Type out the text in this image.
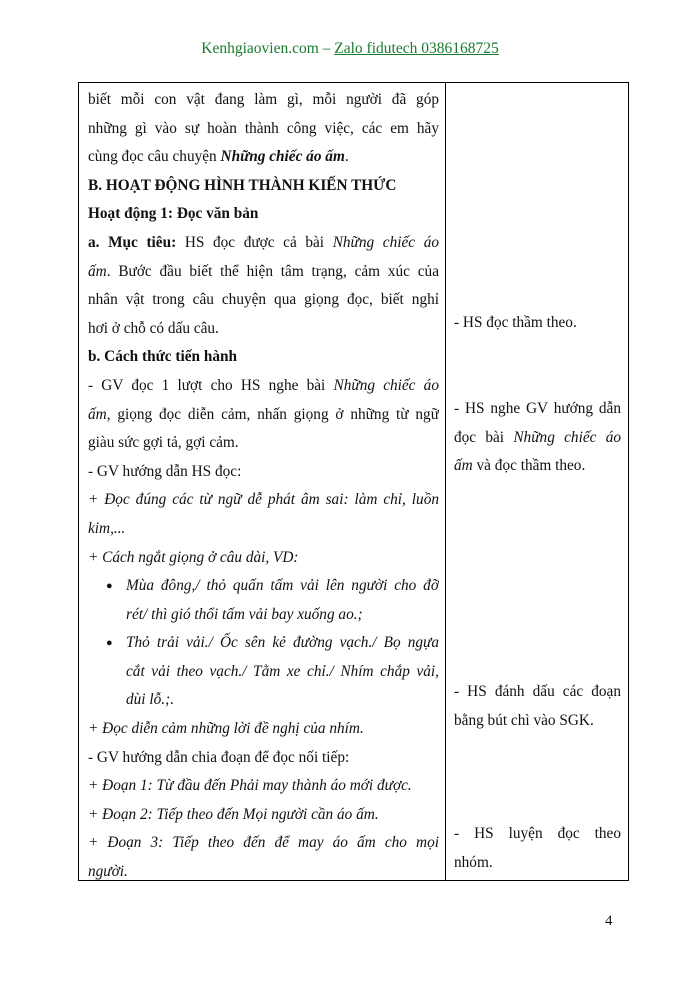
Kenhgiaovien.com – Zalo fidutech 0386168725
biết mỗi con vật đang làm gì, mỗi người đã góp
những gì vào sự hoàn thành công việc, các em hãy
cùng đọc câu chuyện Những chiếc áo ấm.
B. HOẠT ĐỘNG HÌNH THÀNH KIẾN THỨC
Hoạt động 1: Đọc văn bản
a. Mục tiêu: HS đọc được cả bài Những chiếc áo
ấm. Bước đầu biết thể hiện tâm trạng, cảm xúc của
nhân vật trong câu chuyện qua giọng đọc, biết nghỉ
hơi ở chỗ có dấu câu.
b. Cách thức tiến hành
- GV đọc 1 lượt cho HS nghe bài Những chiếc áo
ấm, giọng đọc diễn cảm, nhấn giọng ở những từ ngữ
giàu sức gợi tả, gợi cảm.
- GV hướng dẫn HS đọc:
+ Đọc đúng các từ ngữ dễ phát âm sai: làm chỉ, luồn
kim,...
+ Cách ngắt giọng ở câu dài, VD:
● Mùa đông,/ thỏ quấn tấm vải lên người cho đỡ
rét/ thì gió thổi tấm vải bay xuống ao.;
● Thỏ trải vải./ Ốc sên kẻ đường vạch./ Bọ ngựa
cắt vải theo vạch./ Tằm xe chỉ./ Nhím chắp vải,
dùi lỗ.;.
+ Đọc diễn cảm những lời đề nghị của nhím.
- GV hướng dẫn chia đoạn để đọc nối tiếp:
+ Đoạn 1: Từ đầu đến Phải may thành áo mới được.
+ Đoạn 2: Tiếp theo đến Mọi người cần áo ấm.
+ Đoạn 3: Tiếp theo đến để may áo ấm cho mọi
người.
- HS đọc thầm theo.
- HS nghe GV hướng dẫn
đọc bài Những chiếc áo
ấm và đọc thầm theo.
- HS đánh dấu các đoạn
bằng bút chì vào SGK.
- HS luyện đọc theo
nhóm.
4
